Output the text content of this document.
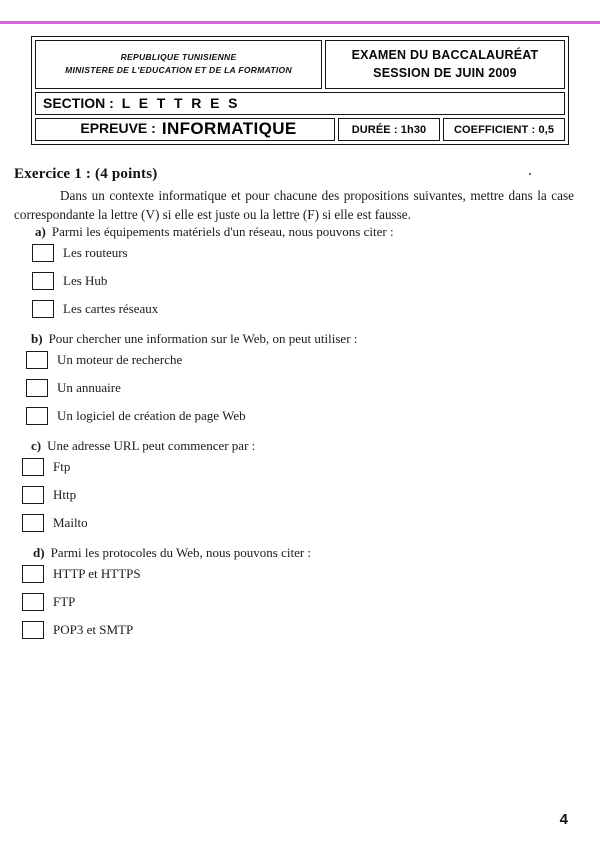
REPUBLIQUE TUNISIENNE
MINISTERE DE L'EDUCATION ET DE LA FORMATION
EXAMEN DU BACCALAURÉAT
SESSION DE JUIN 2009
SECTION : L E T T R E S
EPREUVE : INFORMATIQUE	DURÉE : 1h30	COEFFICIENT : 0,5
Exercice 1 : (4 points)

Dans un contexte informatique et pour chacune des propositions suivantes, mettre dans la case correspondante la lettre (V) si elle est juste ou la lettre (F) si elle est fausse.

a) Parmi les équipements matériels d'un réseau, nous pouvons citer :

Les routeurs
Les Hub
Les cartes réseaux

b) Pour chercher une information sur le Web, on peut utiliser :

Un moteur de recherche
Un annuaire
Un logiciel de création de page Web

c) Une adresse URL peut commencer par :

Ftp
Http
Mailto

d) Parmi les protocoles du Web, nous pouvons citer :

HTTP et HTTPS
FTP
POP3 et SMTP
4
